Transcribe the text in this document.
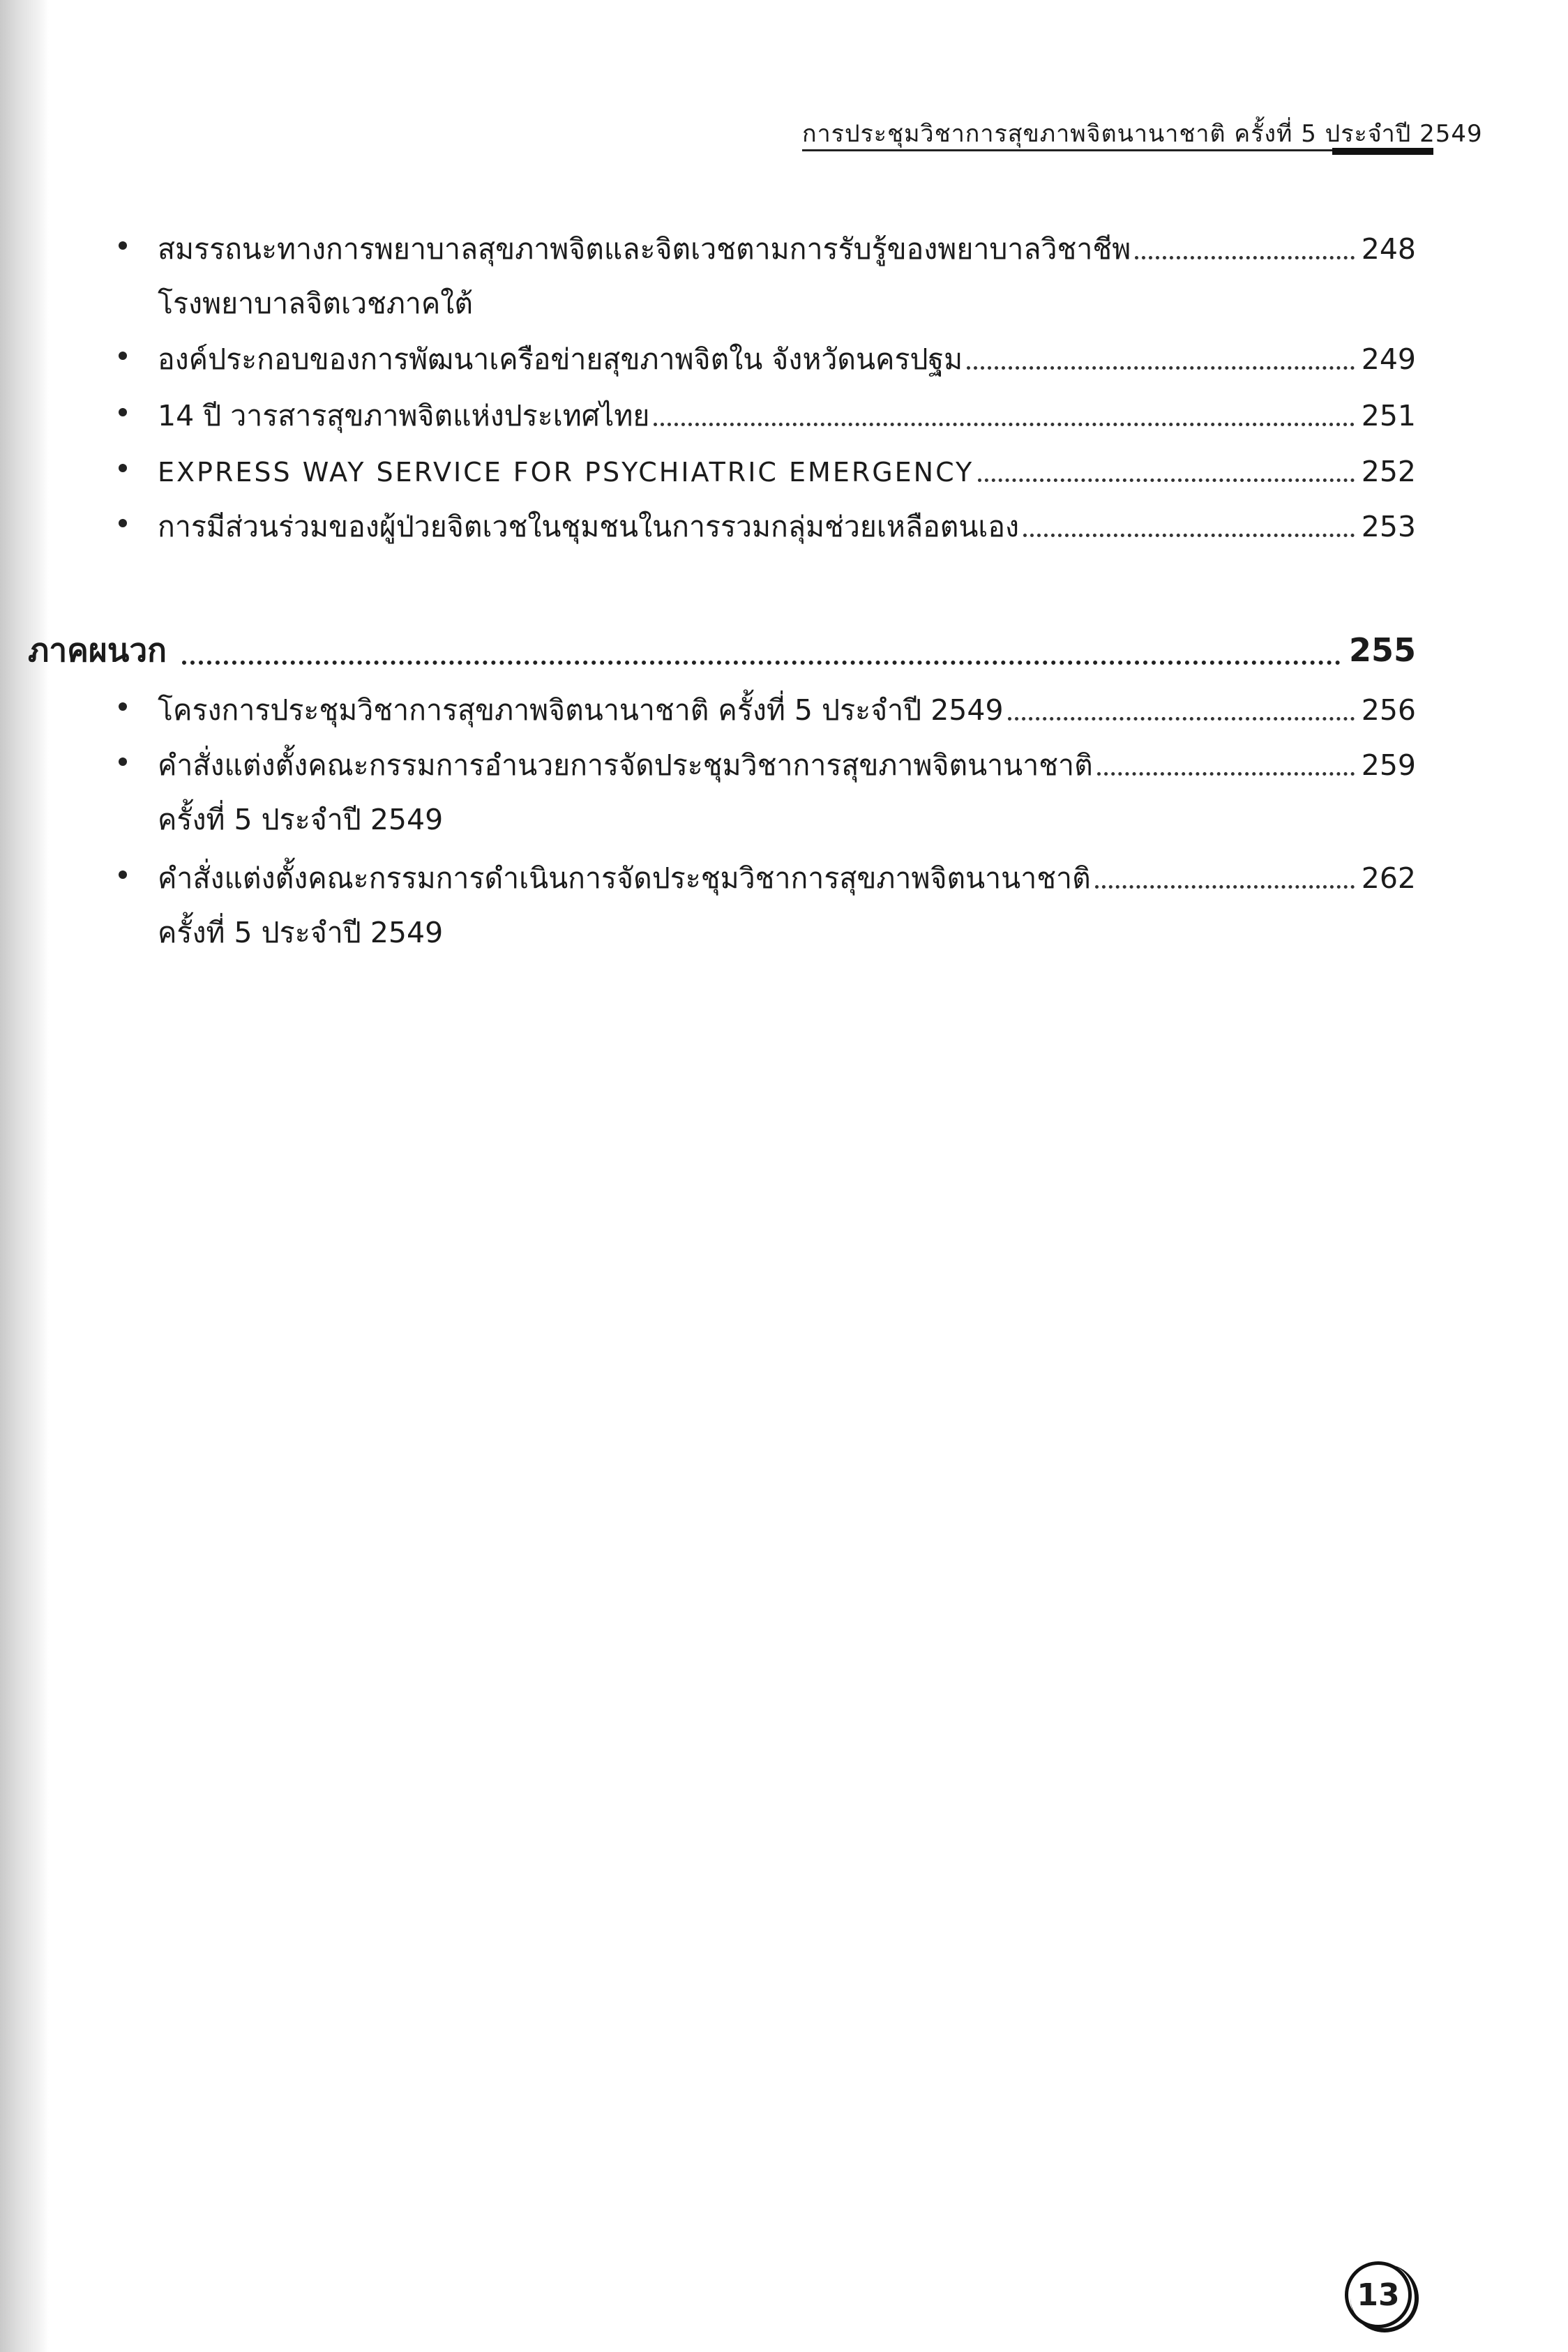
การประชุมวิชาการสุขภาพจิตนานาชาติ ครั้งที่ 5 ประจำปี 2549
สมรรถนะทางการพยาบาลสุขภาพจิตและจิตเวชตามการรับรู้ของพยาบาลวิชาชีพ	248
โรงพยาบาลจิตเวชภาคใต้
องค์ประกอบของการพัฒนาเครือข่ายสุขภาพจิตใน จังหวัดนครปฐม	249
14 ปี วารสารสุขภาพจิตแห่งประเทศไทย	251
EXPRESS WAY SERVICE FOR PSYCHIATRIC EMERGENCY	252
การมีส่วนร่วมของผู้ป่วยจิตเวชในชุมชนในการรวมกลุ่มช่วยเหลือตนเอง	253
ภาคผนวก	255
โครงการประชุมวิชาการสุขภาพจิตนานาชาติ ครั้งที่ 5 ประจำปี 2549	256
คำสั่งแต่งตั้งคณะกรรมการอำนวยการจัดประชุมวิชาการสุขภาพจิตนานาชาติ	259
ครั้งที่ 5 ประจำปี 2549
คำสั่งแต่งตั้งคณะกรรมการดำเนินการจัดประชุมวิชาการสุขภาพจิตนานาชาติ	262
ครั้งที่ 5 ประจำปี 2549
13
